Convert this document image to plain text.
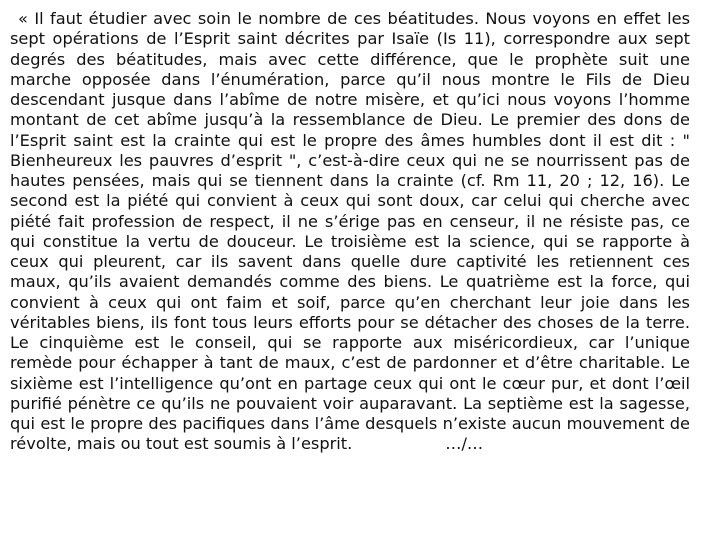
« Il faut étudier avec soin le nombre de ces béatitudes. Nous voyons en effet les sept opérations de l’Esprit saint décrites par Isaïe (Is 11), correspondre aux sept degrés des béatitudes, mais avec cette différence, que le prophète suit une marche opposée dans l’énumération, parce qu’il nous montre le Fils de Dieu descendant jusque dans l’abîme de notre misère, et qu’ici nous voyons l’homme montant de cet abîme jusqu’à la ressemblance de Dieu. Le premier des dons de l’Esprit saint est la crainte qui est le propre des âmes humbles dont il est dit : " Bienheureux les pauvres d’esprit ", c’est-à-dire ceux qui ne se nourrissent pas de hautes pensées, mais qui se tiennent dans la crainte (cf. Rm 11, 20 ; 12, 16). Le second est la piété qui convient à ceux qui sont doux, car celui qui cherche avec piété fait profession de respect, il ne s’érige pas en censeur, il ne résiste pas, ce qui constitue la vertu de douceur. Le troisième est la science, qui se rapporte à ceux qui pleurent, car ils savent dans quelle dure captivité les retiennent ces maux, qu’ils avaient demandés comme des biens. Le quatrième est la force, qui convient à ceux qui ont faim et soif, parce qu’en cherchant leur joie dans les véritables biens, ils font tous leurs efforts pour se détacher des choses de la terre. Le cinquième est le conseil, qui se rapporte aux miséricordieux, car l’unique remède pour échapper à tant de maux, c’est de pardonner et d’être charitable. Le sixième est l’intelligence qu’ont en partage ceux qui ont le cœur pur, et dont l’œil purifié pénètre ce qu’ils ne pouvaient voir auparavant. La septième est la sagesse, qui est le propre des pacifiques dans l’âme desquels n’existe aucun mouvement de révolte, mais ou tout est soumis à l’esprit.	…/…
